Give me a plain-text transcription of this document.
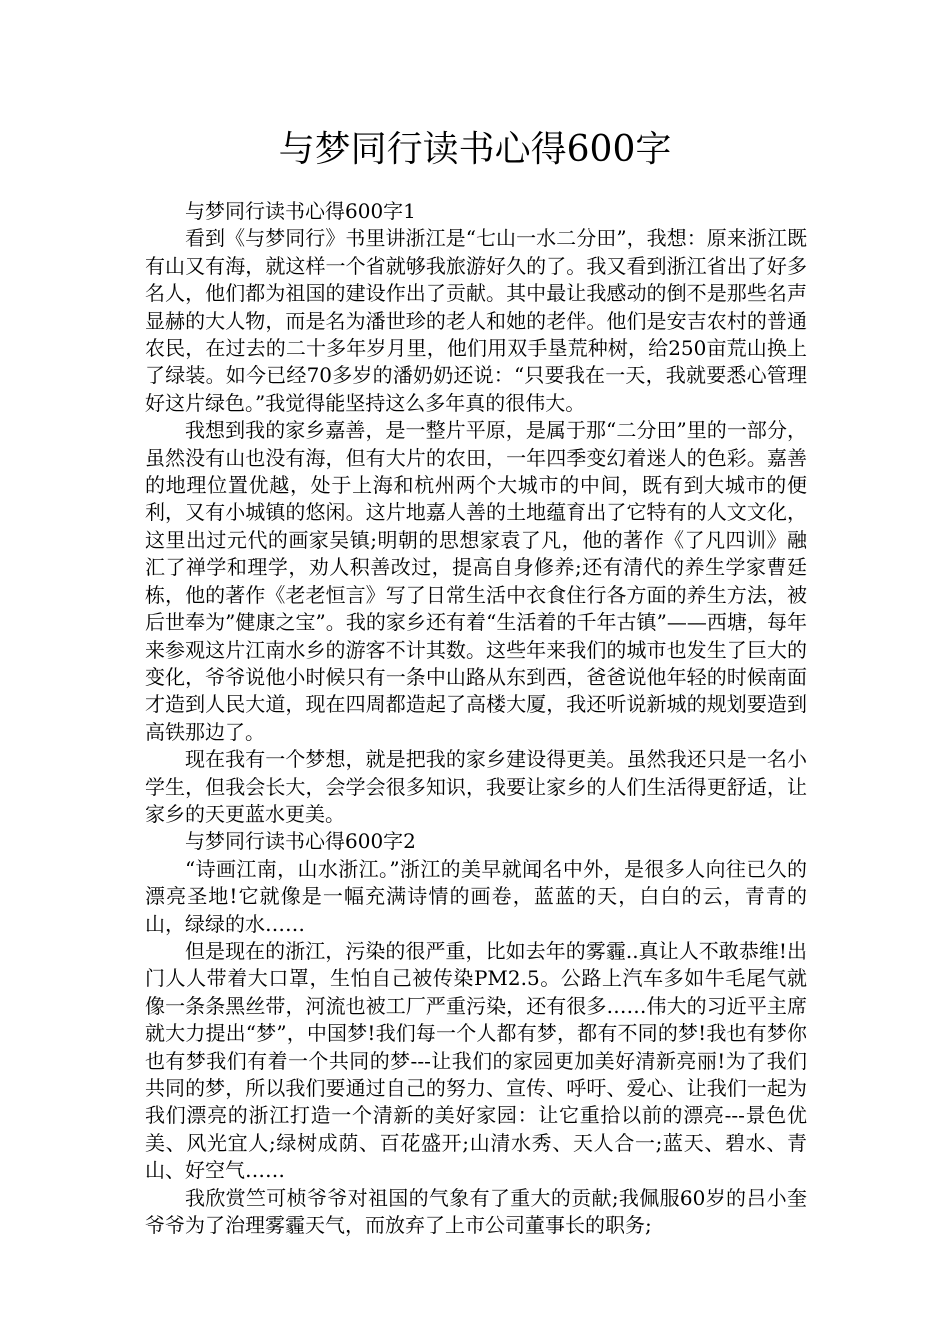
与梦同行读书心得600字

与梦同行读书心得600字1

看到《与梦同行》书里讲浙江是“七山一水二分田”，我想：原来浙江既有山又有海，就这样一个省就够我旅游好久的了。我又看到浙江省出了好多名人，他们都为祖国的建设作出了贡献。其中最让我感动的倒不是那些名声显赫的大人物，而是名为潘世珍的老人和她的老伴。他们是安吉农村的普通农民，在过去的二十多年岁月里，他们用双手垦荒种树，给250亩荒山换上了绿装。如今已经70多岁的潘奶奶还说：“只要我在一天，我就要悉心管理好这片绿色。”我觉得能坚持这么多年真的很伟大。

我想到我的家乡嘉善，是一整片平原，是属于那“二分田”里的一部分，虽然没有山也没有海，但有大片的农田，一年四季变幻着迷人的色彩。嘉善的地理位置优越，处于上海和杭州两个大城市的中间，既有到大城市的便利，又有小城镇的悠闲。这片地嘉人善的土地蕴育出了它特有的人文文化，这里出过元代的画家吴镇;明朝的思想家袁了凡，他的著作《了凡四训》融汇了禅学和理学，劝人积善改过，提高自身修养;还有清代的养生学家曹廷栋，他的著作《老老恒言》写了日常生活中衣食住行各方面的养生方法，被后世奉为”健康之宝”。我的家乡还有着“生活着的千年古镇”——西塘，每年来参观这片江南水乡的游客不计其数。这些年来我们的城市也发生了巨大的变化，爷爷说他小时候只有一条中山路从东到西，爸爸说他年轻的时候南面才造到人民大道，现在四周都造起了高楼大厦，我还听说新城的规划要造到高铁那边了。

现在我有一个梦想，就是把我的家乡建设得更美。虽然我还只是一名小学生，但我会长大，会学会很多知识，我要让家乡的人们生活得更舒适，让家乡的天更蓝水更美。

与梦同行读书心得600字2

“诗画江南，山水浙江。”浙江的美早就闻名中外，是很多人向往已久的漂亮圣地!它就像是一幅充满诗情的画卷，蓝蓝的天，白白的云，青青的山，绿绿的水……

但是现在的浙江，污染的很严重，比如去年的雾霾..真让人不敢恭维!出门人人带着大口罩，生怕自己被传染PM2.5。公路上汽车多如牛毛尾气就像一条条黑丝带，河流也被工厂严重污染，还有很多……伟大的习近平主席就大力提出“梦”，中国梦!我们每一个人都有梦，都有不同的梦!我也有梦你也有梦我们有着一个共同的梦---让我们的家园更加美好清新亮丽!为了我们共同的梦，所以我们要通过自己的努力、宣传、呼吁、爱心、让我们一起为我们漂亮的浙江打造一个清新的美好家园：让它重拾以前的漂亮---景色优美、风光宜人;绿树成荫、百花盛开;山清水秀、天人合一;蓝天、碧水、青山、好空气……

我欣赏竺可桢爷爷对祖国的气象有了重大的贡献;我佩服60岁的吕小奎爷爷为了治理雾霾天气，而放弃了上市公司董事长的职务;
